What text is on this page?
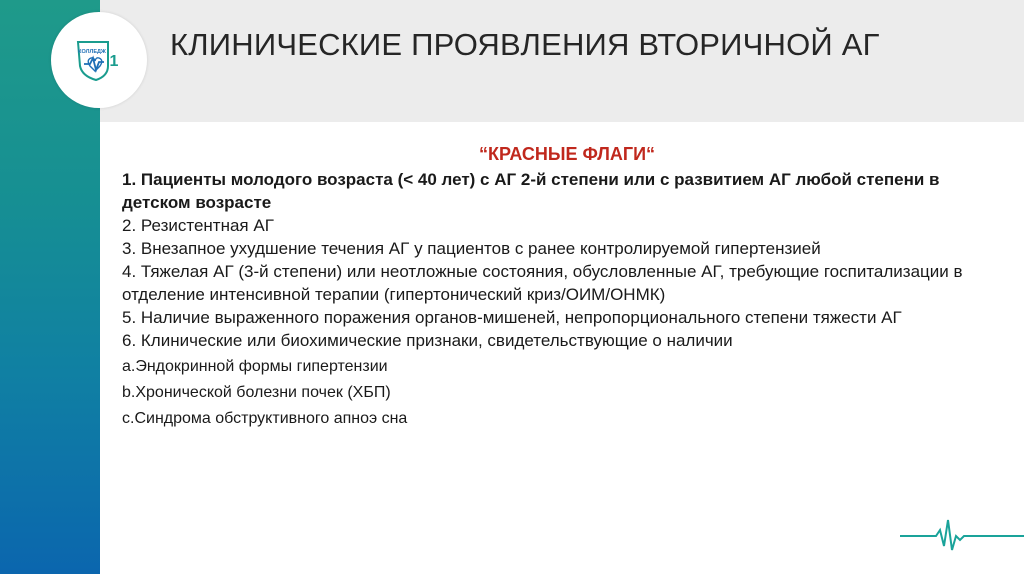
КОЛЛЕДЖ
1 КЛИНИЧЕСКИЕ ПРОЯВЛЕНИЯ ВТОРИЧНОЙ АГ

“КРАСНЫЕ ФЛАГИ“

1. Пациенты молодого возраста (< 40 лет) с АГ 2-й степени или с развитием АГ любой степени в детском возрасте

2. Резистентная АГ

3. Внезапное ухудшение течения АГ у пациентов с ранее контролируемой гипертензией

4. Тяжелая АГ (3-й степени) или неотложные состояния, обусловленные АГ, требующие госпитализации в отделение интенсивной терапии (гипертонический криз/ОИМ/ОНМК)

5. Наличие выраженного поражения органов-мишеней, непропорционального степени тяжести АГ

6. Клинические или биохимические признаки, свидетельствующие о наличии

a.Эндокринной формы гипертензии

b.Хронической болезни почек (ХБП)

c.Синдрома обструктивного апноэ сна
